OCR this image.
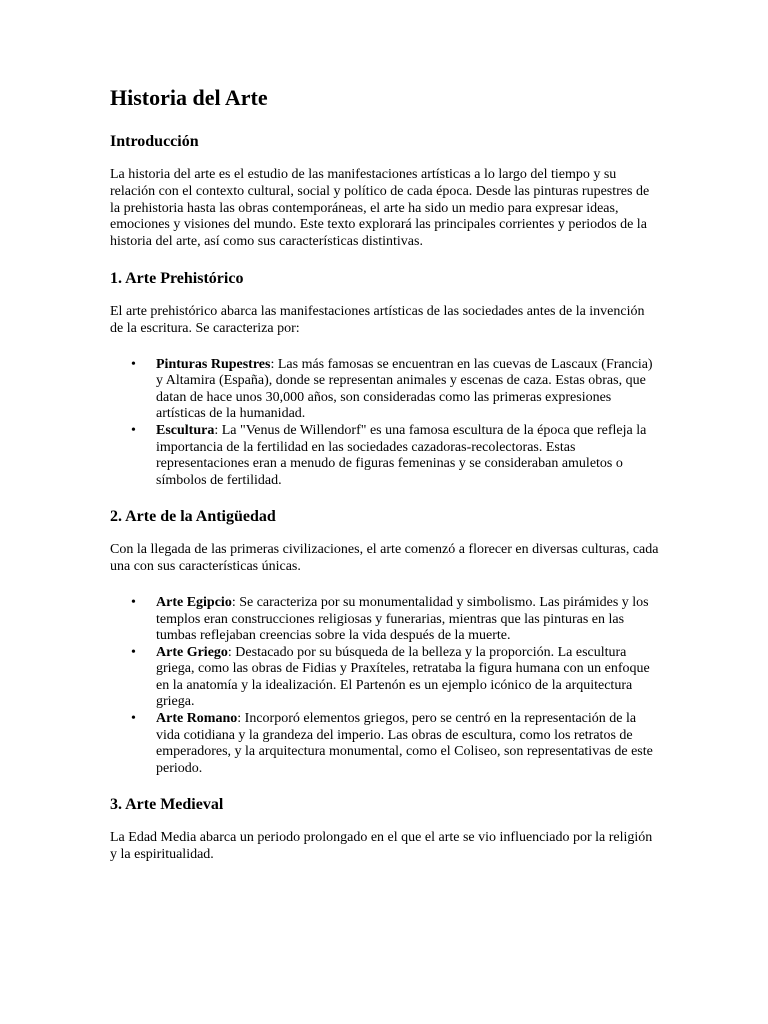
Historia del Arte
Introducción

La historia del arte es el estudio de las manifestaciones artísticas a lo largo del tiempo y su relación con el contexto cultural, social y político de cada época. Desde las pinturas rupestres de la prehistoria hasta las obras contemporáneas, el arte ha sido un medio para expresar ideas, emociones y visiones del mundo. Este texto explorará las principales corrientes y periodos de la historia del arte, así como sus características distintivas.

1. Arte Prehistórico

El arte prehistórico abarca las manifestaciones artísticas de las sociedades antes de la invención de la escritura. Se caracteriza por:

• Pinturas Rupestres: Las más famosas se encuentran en las cuevas de Lascaux (Francia) y Altamira (España), donde se representan animales y escenas de caza. Estas obras, que datan de hace unos 30,000 años, son consideradas como las primeras expresiones artísticas de la humanidad.
• Escultura: La "Venus de Willendorf" es una famosa escultura de la época que refleja la importancia de la fertilidad en las sociedades cazadoras-recolectoras. Estas representaciones eran a menudo de figuras femeninas y se consideraban amuletos o símbolos de fertilidad.
2. Arte de la Antigüedad

Con la llegada de las primeras civilizaciones, el arte comenzó a florecer en diversas culturas, cada una con sus características únicas.

• Arte Egipcio: Se caracteriza por su monumentalidad y simbolismo. Las pirámides y los templos eran construcciones religiosas y funerarias, mientras que las pinturas en las tumbas reflejaban creencias sobre la vida después de la muerte.
• Arte Griego: Destacado por su búsqueda de la belleza y la proporción. La escultura griega, como las obras de Fidias y Praxíteles, retrataba la figura humana con un enfoque en la anatomía y la idealización. El Partenón es un ejemplo icónico de la arquitectura griega.
• Arte Romano: Incorporó elementos griegos, pero se centró en la representación de la vida cotidiana y la grandeza del imperio. Las obras de escultura, como los retratos de emperadores, y la arquitectura monumental, como el Coliseo, son representativas de este periodo.
3. Arte Medieval

La Edad Media abarca un periodo prolongado en el que el arte se vio influenciado por la religión y la espiritualidad.
